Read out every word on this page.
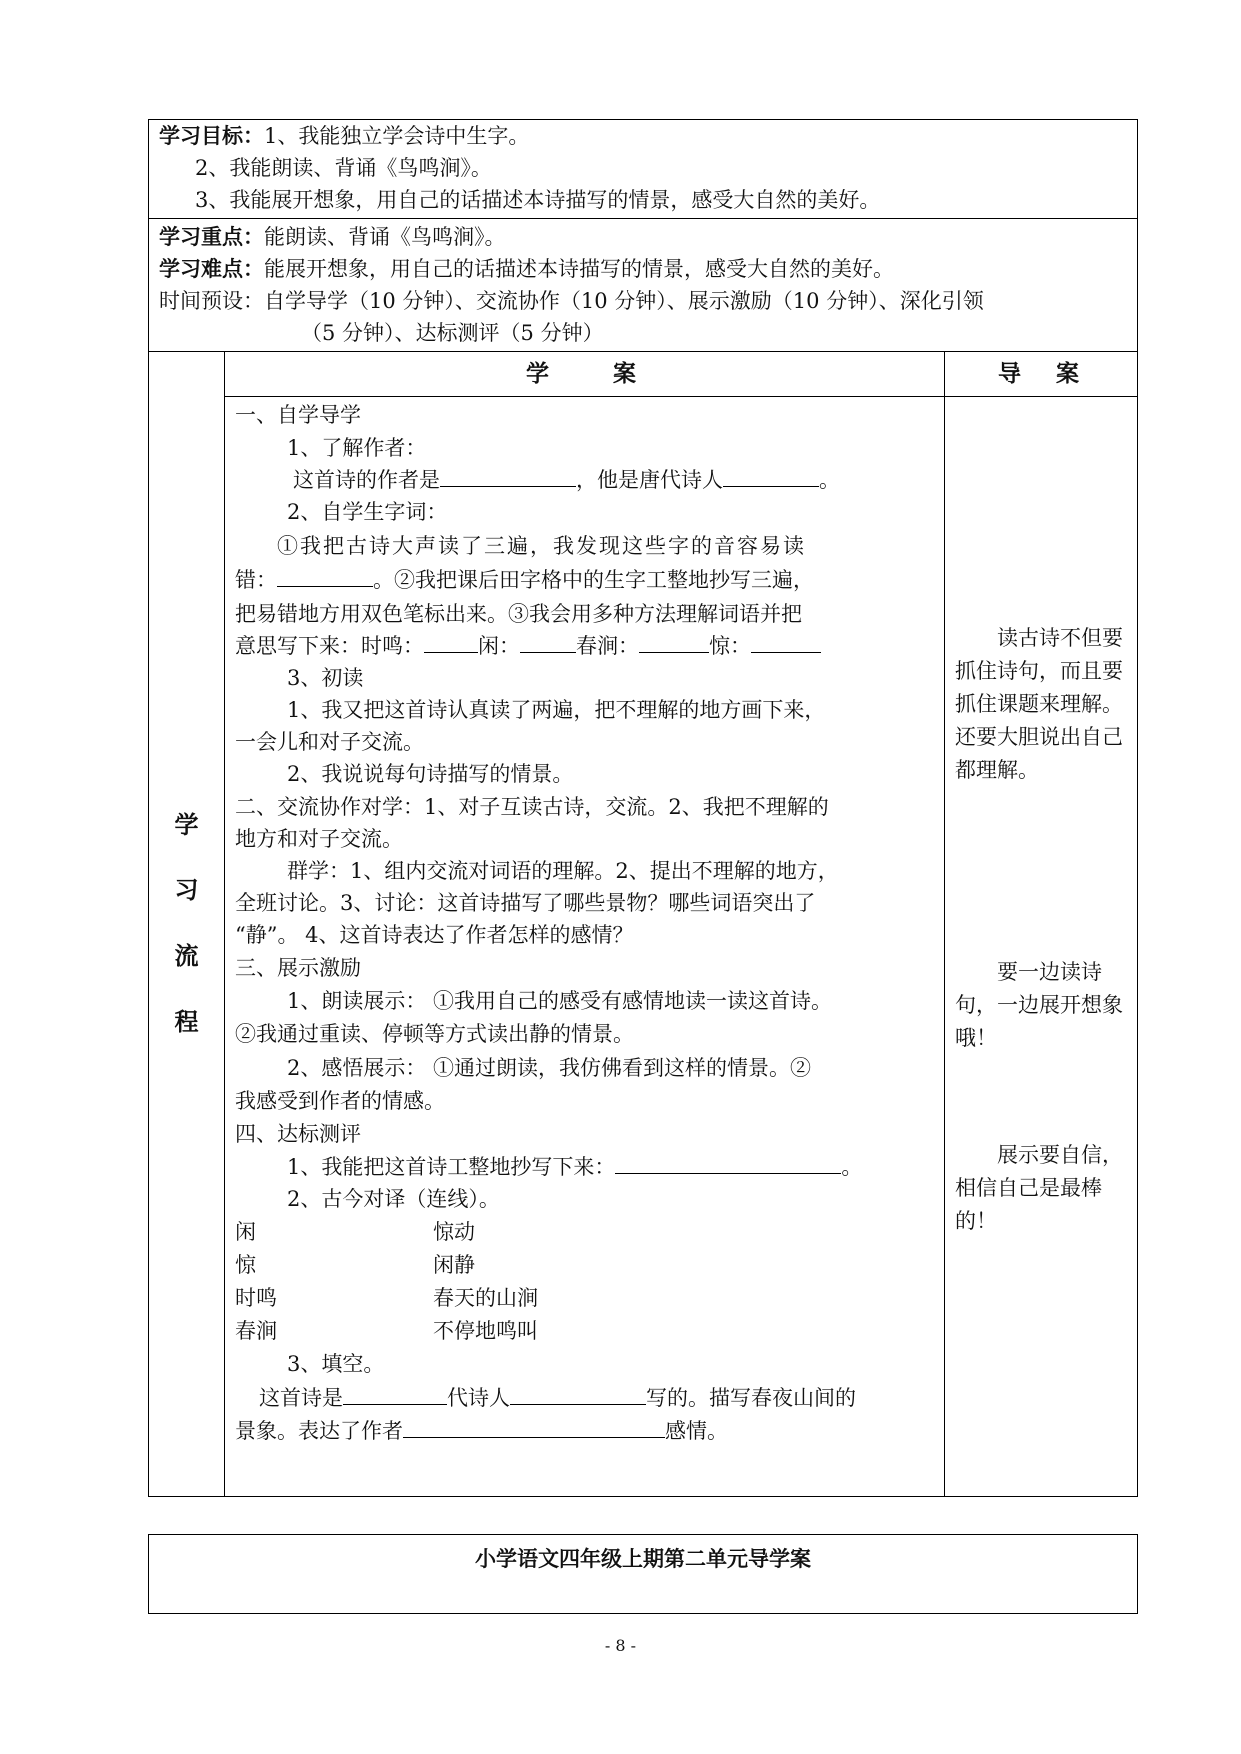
学习目标：1、我能独立学会诗中生字。
2、我能朗读、背诵《鸟鸣涧》。
3、我能展开想象，用自己的话描述本诗描写的情景，感受大自然的美好。
学习重点：能朗读、背诵《鸟鸣涧》。
学习难点：能展开想象，用自己的话描述本诗描写的情景，感受大自然的美好。
时间预设：自学导学（10 分钟）、交流协作（10 分钟）、展示激励（10 分钟）、深化引领
（5 分钟）、达标测评（5 分钟）
学
习
流
程
学　　案	导　案
一、自学导学
1、了解作者：
这首诗的作者是	，他是唐代诗人	。
2、自学生字词：
①我把古诗大声读了三遍，我发现这些字的音容易读
错：	。②我把课后田字格中的生字工整地抄写三遍，
把易错地方用双色笔标出来。③我会用多种方法理解词语并把
意思写下来：时鸣：	闲：	春涧：	惊：
3、初读
1、我又把这首诗认真读了两遍，把不理解的地方画下来，
一会儿和对子交流。
2、我说说每句诗描写的情景。
二、交流协作对学：1、对子互读古诗，交流。2、我把不理解的
地方和对子交流。
群学：1、组内交流对词语的理解。2、提出不理解的地方，
全班讨论。3、讨论：这首诗描写了哪些景物？哪些词语突出了
“静”。 4、这首诗表达了作者怎样的感情？
三、展示激励
1、朗读展示： ①我用自己的感受有感情地读一读这首诗。
②我通过重读、停顿等方式读出静的情景。
2、感悟展示： ①通过朗读，我仿佛看到这样的情景。②
我感受到作者的情感。
四、达标测评
1、我能把这首诗工整地抄写下来：	。
2、古今对译（连线）。
闲	惊动
惊	闲静
时鸣	春天的山涧
春涧	不停地鸣叫
3、填空。
这首诗是	代诗人	写的。描写春夜山间的
景象。表达了作者	感情。
读古诗不但要抓住诗句，而且要抓住课题来理解。还要大胆说出自己都理解。
要一边读诗句，一边展开想象哦！
展示要自信，相信自己是最棒的！
小学语文四年级上期第二单元导学案
- 8 -
